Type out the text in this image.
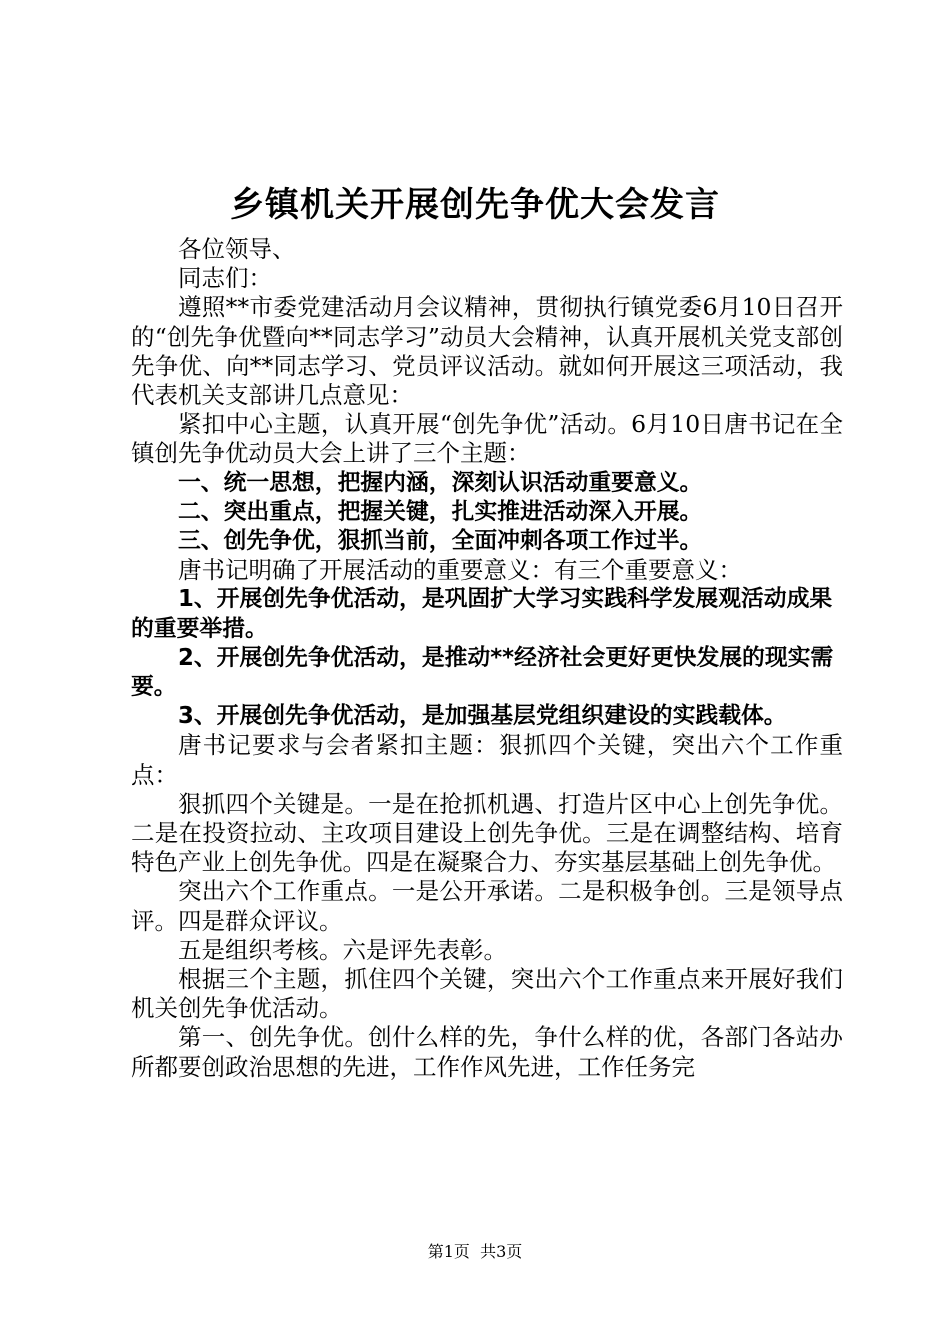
乡镇机关开展创先争优大会发言

各位领导、

同志们：

遵照**市委党建活动月会议精神，贯彻执行镇党委6月10日召开的“创先争优暨向**同志学习”动员大会精神，认真开展机关党支部创先争优、向**同志学习、党员评议活动。就如何开展这三项活动，我代表机关支部讲几点意见：

紧扣中心主题，认真开展“创先争优”活动。6月10日唐书记在全镇创先争优动员大会上讲了三个主题：

一、统一思想，把握内涵，深刻认识活动重要意义。

二、突出重点，把握关键，扎实推进活动深入开展。

三、创先争优，狠抓当前，全面冲刺各项工作过半。

唐书记明确了开展活动的重要意义：有三个重要意义：

1、开展创先争优活动，是巩固扩大学习实践科学发展观活动成果的重要举措。

2、开展创先争优活动，是推动**经济社会更好更快发展的现实需要。

3、开展创先争优活动，是加强基层党组织建设的实践载体。

唐书记要求与会者紧扣主题：狠抓四个关键，突出六个工作重点：

狠抓四个关键是。一是在抢抓机遇、打造片区中心上创先争优。二是在投资拉动、主攻项目建设上创先争优。三是在调整结构、培育特色产业上创先争优。四是在凝聚合力、夯实基层基础上创先争优。

突出六个工作重点。一是公开承诺。二是积极争创。三是领导点评。四是群众评议。

五是组织考核。六是评先表彰。

根据三个主题，抓住四个关键，突出六个工作重点来开展好我们机关创先争优活动。

第一、创先争优。创什么样的先，争什么样的优，各部门各站办所都要创政治思想的先进，工作作风先进，工作任务完

第1页  共3页
